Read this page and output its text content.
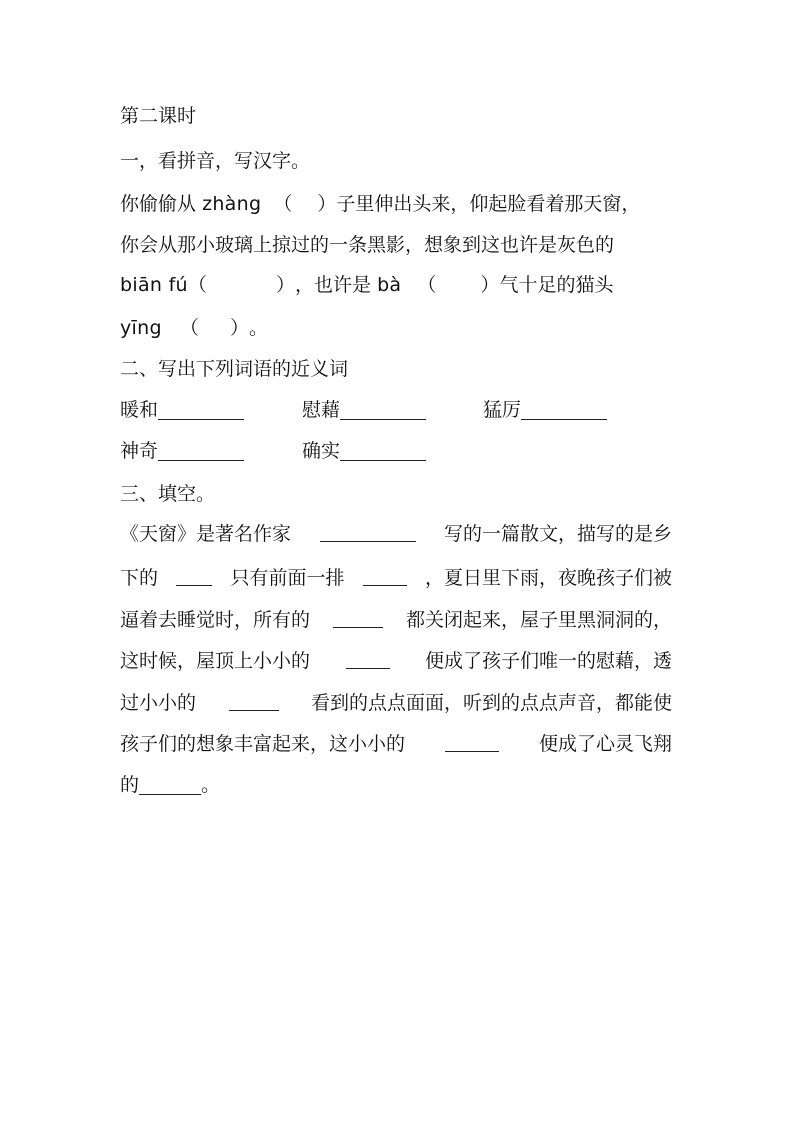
第二课时
一，看拼音，写汉字。
你偷偷从 zhàng （　 ）子里伸出头来，仰起脸看着那天窗，
你会从那小玻璃上掠过的一条黑影，想象到这也许是灰色的
biān fú（ 　　 　），也许是 bà （ 　　）气十足的猫头
yīng （ 　 ）。
二、写出下列词语的近义词
暖和	慰藉	猛厉
神奇	确实
三、填空。
《天窗》是著名作家	写的一篇散文，描写的是乡
下的	只有前面一排	，夏日里下雨，夜晚孩子们被
逼着去睡觉时，所有的	都关闭起来，屋子里黑洞洞的，
这时候，屋顶上小小的	便成了孩子们唯一的慰藉，透
过小小的	看到的点点面面，听到的点点声音，都能使
孩子们的想象丰富起来，这小小的	便成了心灵飞翔
的	。
